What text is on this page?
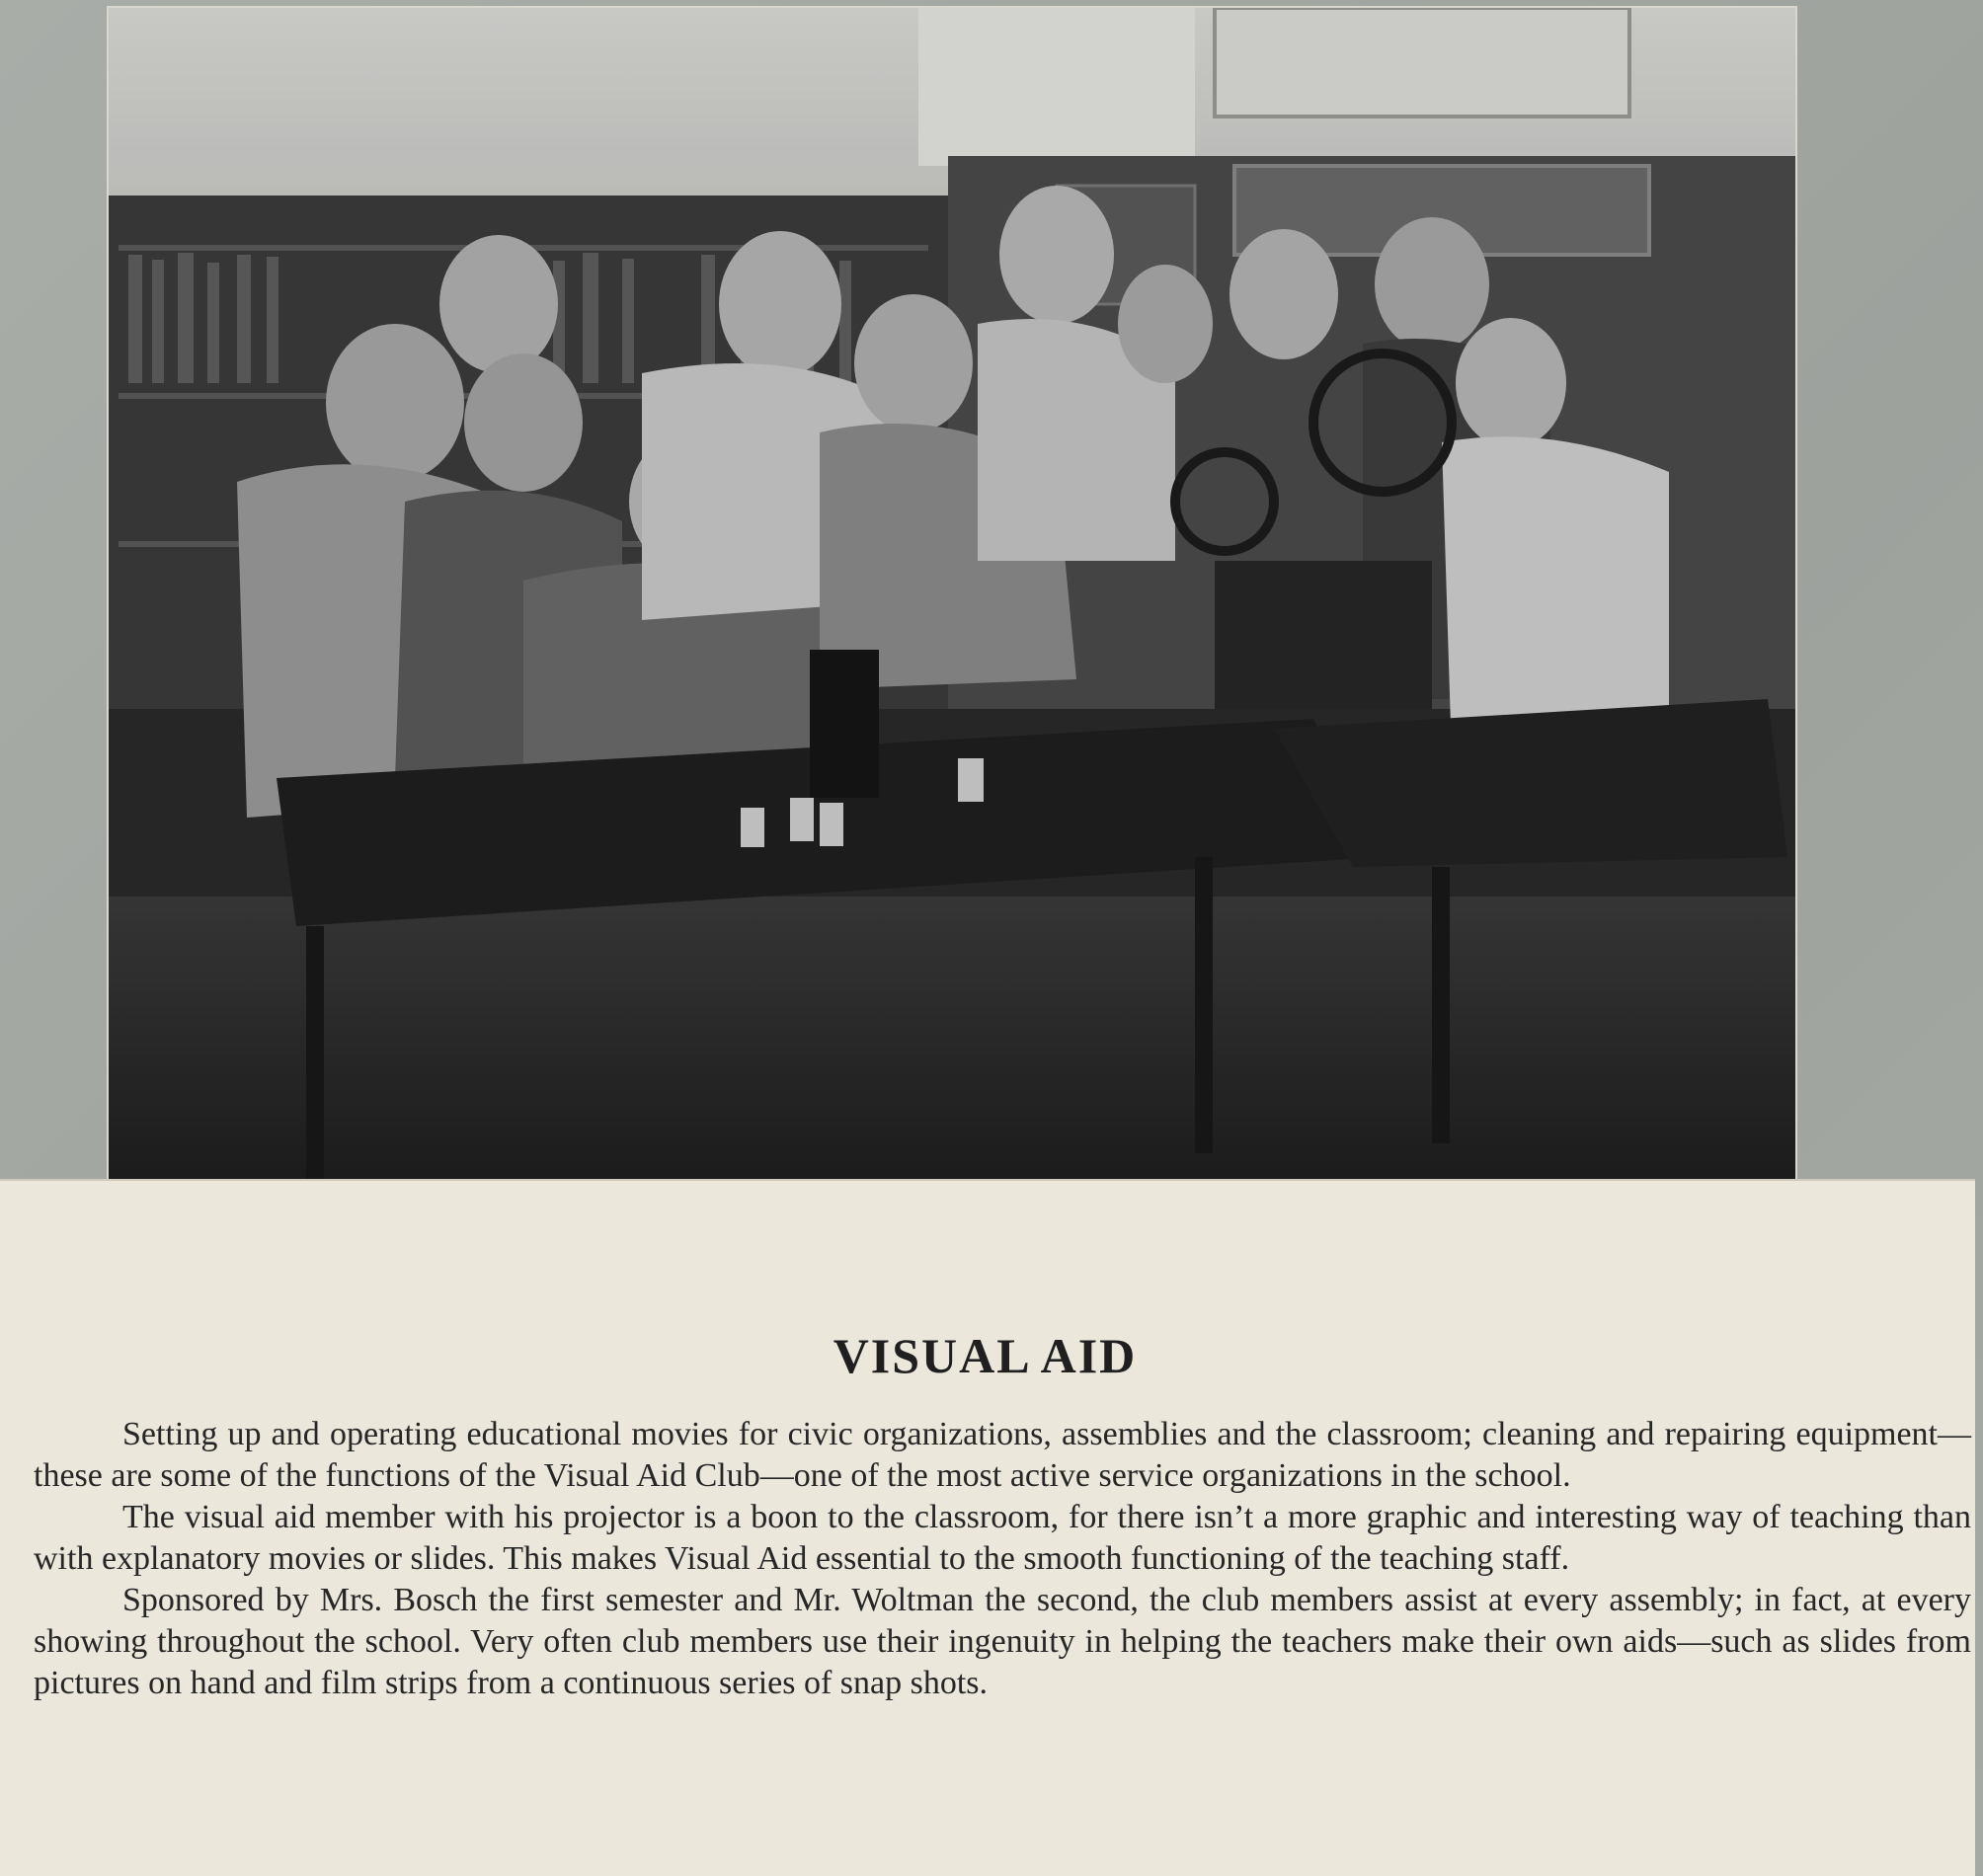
VISUAL AID

Setting up and operating educational movies for civic organizations, assemblies and the classroom; cleaning and repairing equipment—these are some of the functions of the Visual Aid Club—one of the most active service organizations in the school.

The visual aid member with his projector is a boon to the classroom, for there isn’t a more graphic and interesting way of teaching than with explanatory movies or slides. This makes Visual Aid essential to the smooth functioning of the teaching staff.

Sponsored by Mrs. Bosch the first semester and Mr. Woltman the second, the club members assist at every assembly; in fact, at every showing throughout the school. Very often club members use their ingenuity in helping the teachers make their own aids—such as slides from pictures on hand and film strips from a continuous series of snap shots.
